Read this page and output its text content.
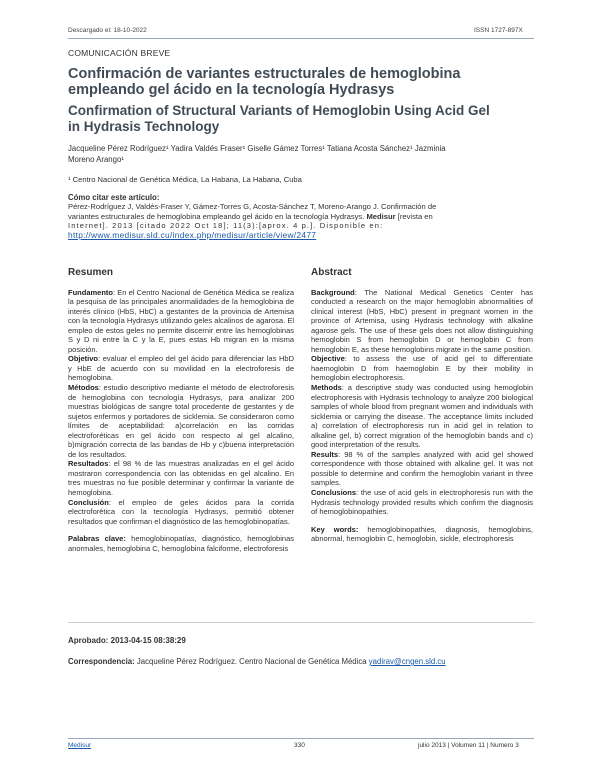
Descargado el: 18-10-2022	ISSN 1727-897X
COMUNICACIÓN BREVE
Confirmación de variantes estructurales de hemoglobina
empleando gel ácido en la tecnología Hydrasys
Confirmation of Structural Variants of Hemoglobin Using Acid Gel
in Hydrasis Technology
Jacqueline Pérez Rodríguez¹ Yadira Valdés Fraser¹ Giselle Gámez Torres¹ Tatiana Acosta Sánchez¹ Jazminia
Moreno Arango¹
¹ Centro Nacional de Genética Médica, La Habana, La Habana, Cuba
Cómo citar este artículo:
Pérez-Rodríguez J, Valdés-Fraser Y, Gámez-Torres G, Acosta-Sánchez T, Moreno-Arango J. Confirmación de
variantes estructurales de hemoglobina empleando gel ácido en la tecnología Hydrasys. Medisur [revista en
Internet]. 2013 [citado 2022 Oct 18]; 11(3):[aprox. 4 p.]. Disponible en:
http://www.medisur.sld.cu/index.php/medisur/article/view/2477
Resumen

Fundamento: En el Centro Nacional de Genética Médica se realiza la pesquisa de las principales anormalidades de la hemoglobina de interés clínico (HbS, HbC) a gestantes de la provincia de Artemisa con la tecnología Hydrasys utilizando geles alcalinos de agarosa. El empleo de estos geles no permite discernir entre las hemoglobinas S y D ni entre la C y la E, pues estas Hb migran en la misma posición.

Objetivo: evaluar el empleo del gel ácido para diferenciar las HbD y HbE de acuerdo con su movilidad en la electroforesis de hemoglobina.

Métodos: estudio descriptivo mediante el método de electroforesis de hemoglobina con tecnología Hydrasys, para analizar 200 muestras biológicas de sangre total procedente de gestantes y de sujetos enfermos y portadores de sicklemia. Se consideraron como límites de aceptabilidad: a)correlación en las corridas electroforéticas en gel ácido con respecto al gel alcalino, b)migración correcta de las bandas de Hb y c)buena interpretación de los resultados.

Resultados: el 98 % de las muestras analizadas en el gel ácido mostraron correspondencia con las obtenidas en gel alcalino. En tres muestras no fue posible determinar y confirmar la variante de hemoglobina.

Conclusión: el empleo de geles ácidos para la corrida electroforética con la tecnología Hydrasys, permitió obtener resultados que confirman el diagnóstico de las hemoglobinopatías.

Palabras clave: hemoglobinopatías, diagnóstico, hemoglobinas anormales, hemoglobina C, hemoglobina falciforme, electroforesis

Abstract

Background: The National Medical Genetics Center has conducted a research on the major hemoglobin abnormalities of clinical interest (HbS, HbC) present in pregnant women in the province of Artemisa, using Hydrasis technology with alkaline agarose gels. The use of these gels does not allow distinguishing hemoglobin S from hemoglobin D or hemoglobin C from hemoglobin E, as these hemoglobins migrate in the same position.

Objective: to assess the use of acid gel to differentiate haemoglobin D from haemoglobin E by their mobility in hemoglobin electrophoresis.

Methods: a descriptive study was conducted using hemoglobin electrophoresis with Hydrasis technology to analyze 200 biological samples of whole blood from pregnant women and individuals with sicklemia or carrying the disease. The acceptance limits included a) correlation of electrophoresis run in acid gel in relation to alkaline gel, b) correct migration of the hemoglobin bands and c) good interpretation of the results.

Results: 98 % of the samples analyzed with acid gel showed correspondence with those obtained with alkaline gel. It was not possible to determine and confirm the hemoglobin variant in three samples.

Conclusions: the use of acid gels in electrophoresis run with the Hydrasis technology provided results which confirm the diagnosis of hemoglobinopathies.

Key words: hemoglobinopathies, diagnosis, hemoglobins, abnormal, hemoglobin C, hemoglobin, sickle, electrophoresis

Aprobado: 2013-04-15 08:38:29
Correspondencia: Jacqueline Pérez Rodríguez. Centro Nacional de Genética Médica yadirav@cngen.sld.cu
Medisur	330	julio 2013 | Volumen 11 | Numero 3
